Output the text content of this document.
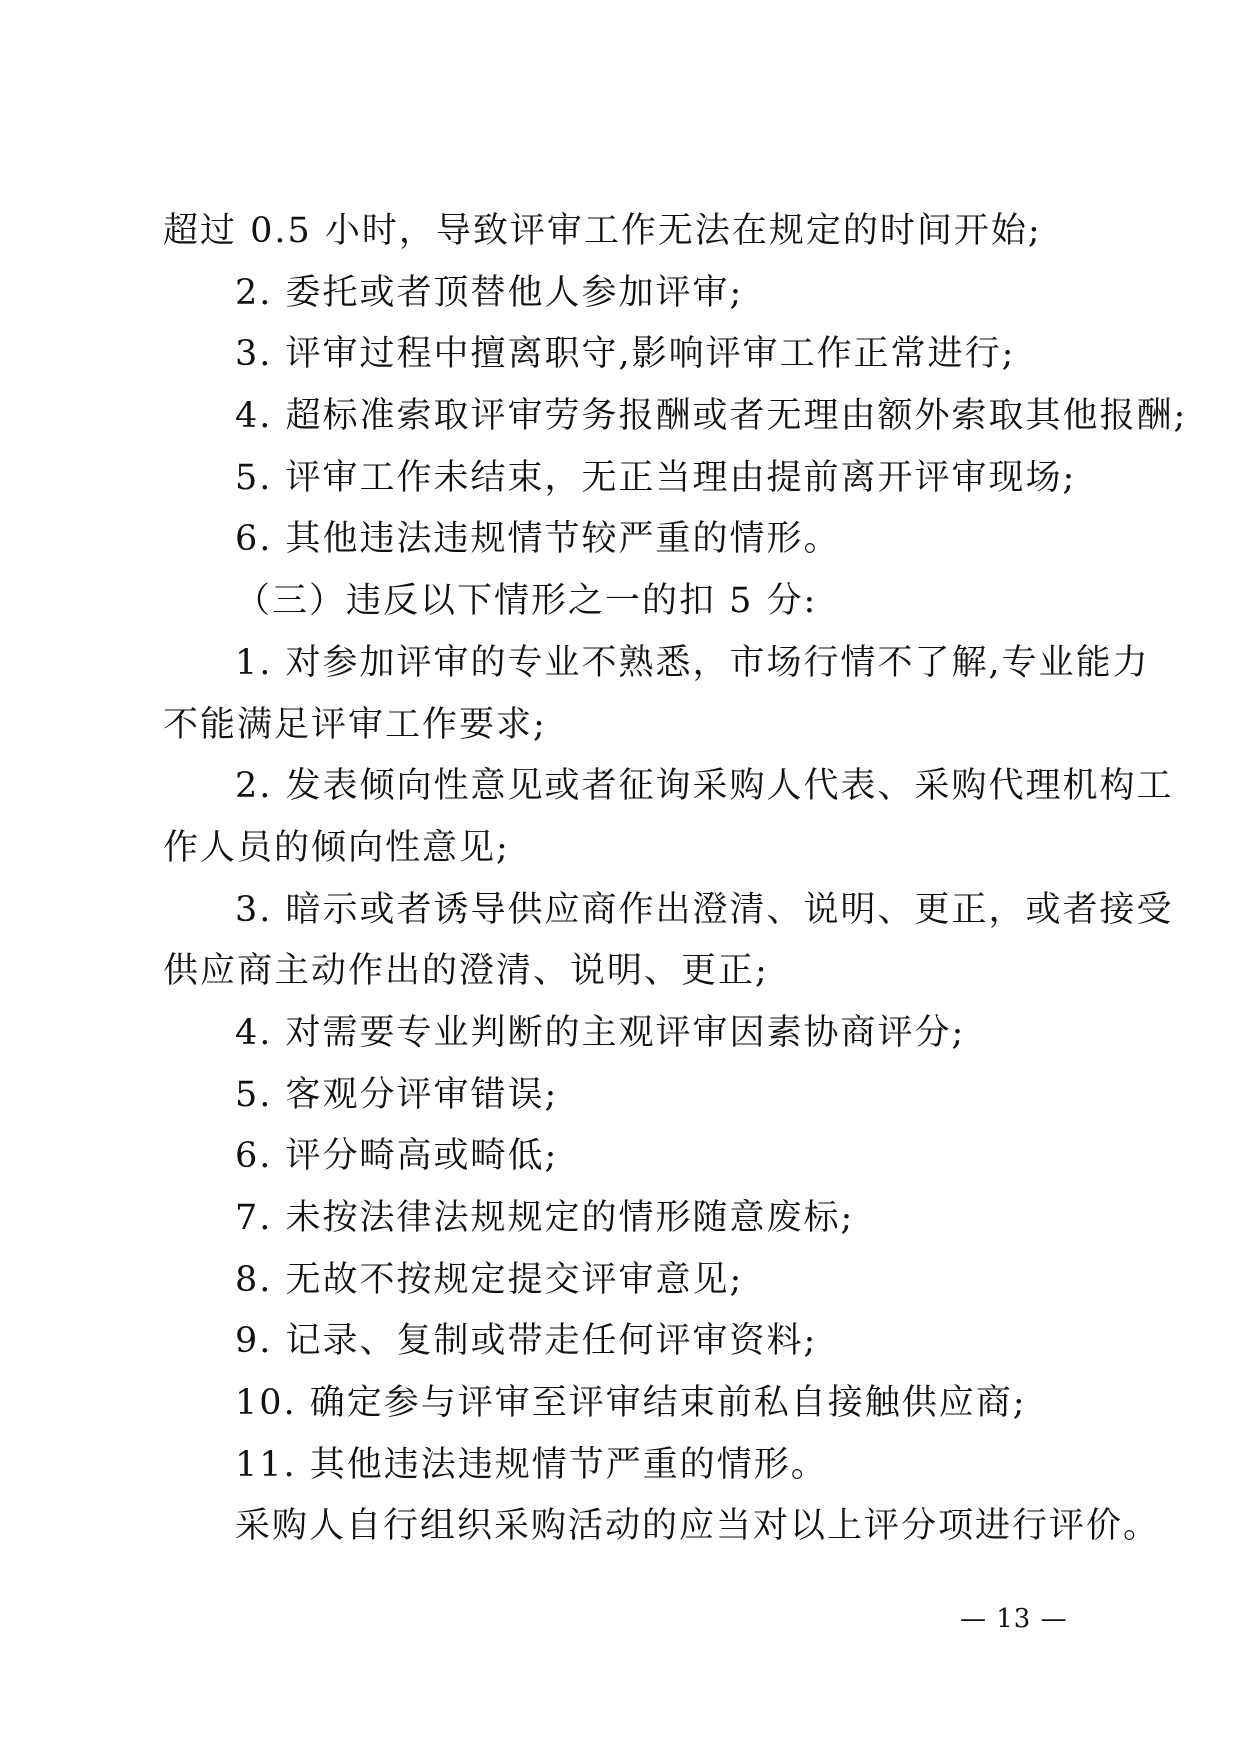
超过 0.5 小时，导致评审工作无法在规定的时间开始;
2. 委托或者顶替他人参加评审;
3. 评审过程中擅离职守,影响评审工作正常进行;
4. 超标准索取评审劳务报酬或者无理由额外索取其他报酬;
5. 评审工作未结束，无正当理由提前离开评审现场;
6. 其他违法违规情节较严重的情形。
（三）违反以下情形之一的扣 5 分:
1. 对参加评审的专业不熟悉，市场行情不了解,专业能力
不能满足评审工作要求;
2. 发表倾向性意见或者征询采购人代表、采购代理机构工
作人员的倾向性意见;
3. 暗示或者诱导供应商作出澄清、说明、更正，或者接受
供应商主动作出的澄清、说明、更正;
4. 对需要专业判断的主观评审因素协商评分;
5. 客观分评审错误;
6. 评分畸高或畸低;
7. 未按法律法规规定的情形随意废标;
8. 无故不按规定提交评审意见;
9. 记录、复制或带走任何评审资料;
10. 确定参与评审至评审结束前私自接触供应商;
11. 其他违法违规情节严重的情形。
采购人自行组织采购活动的应当对以上评分项进行评价。
— 13 —
